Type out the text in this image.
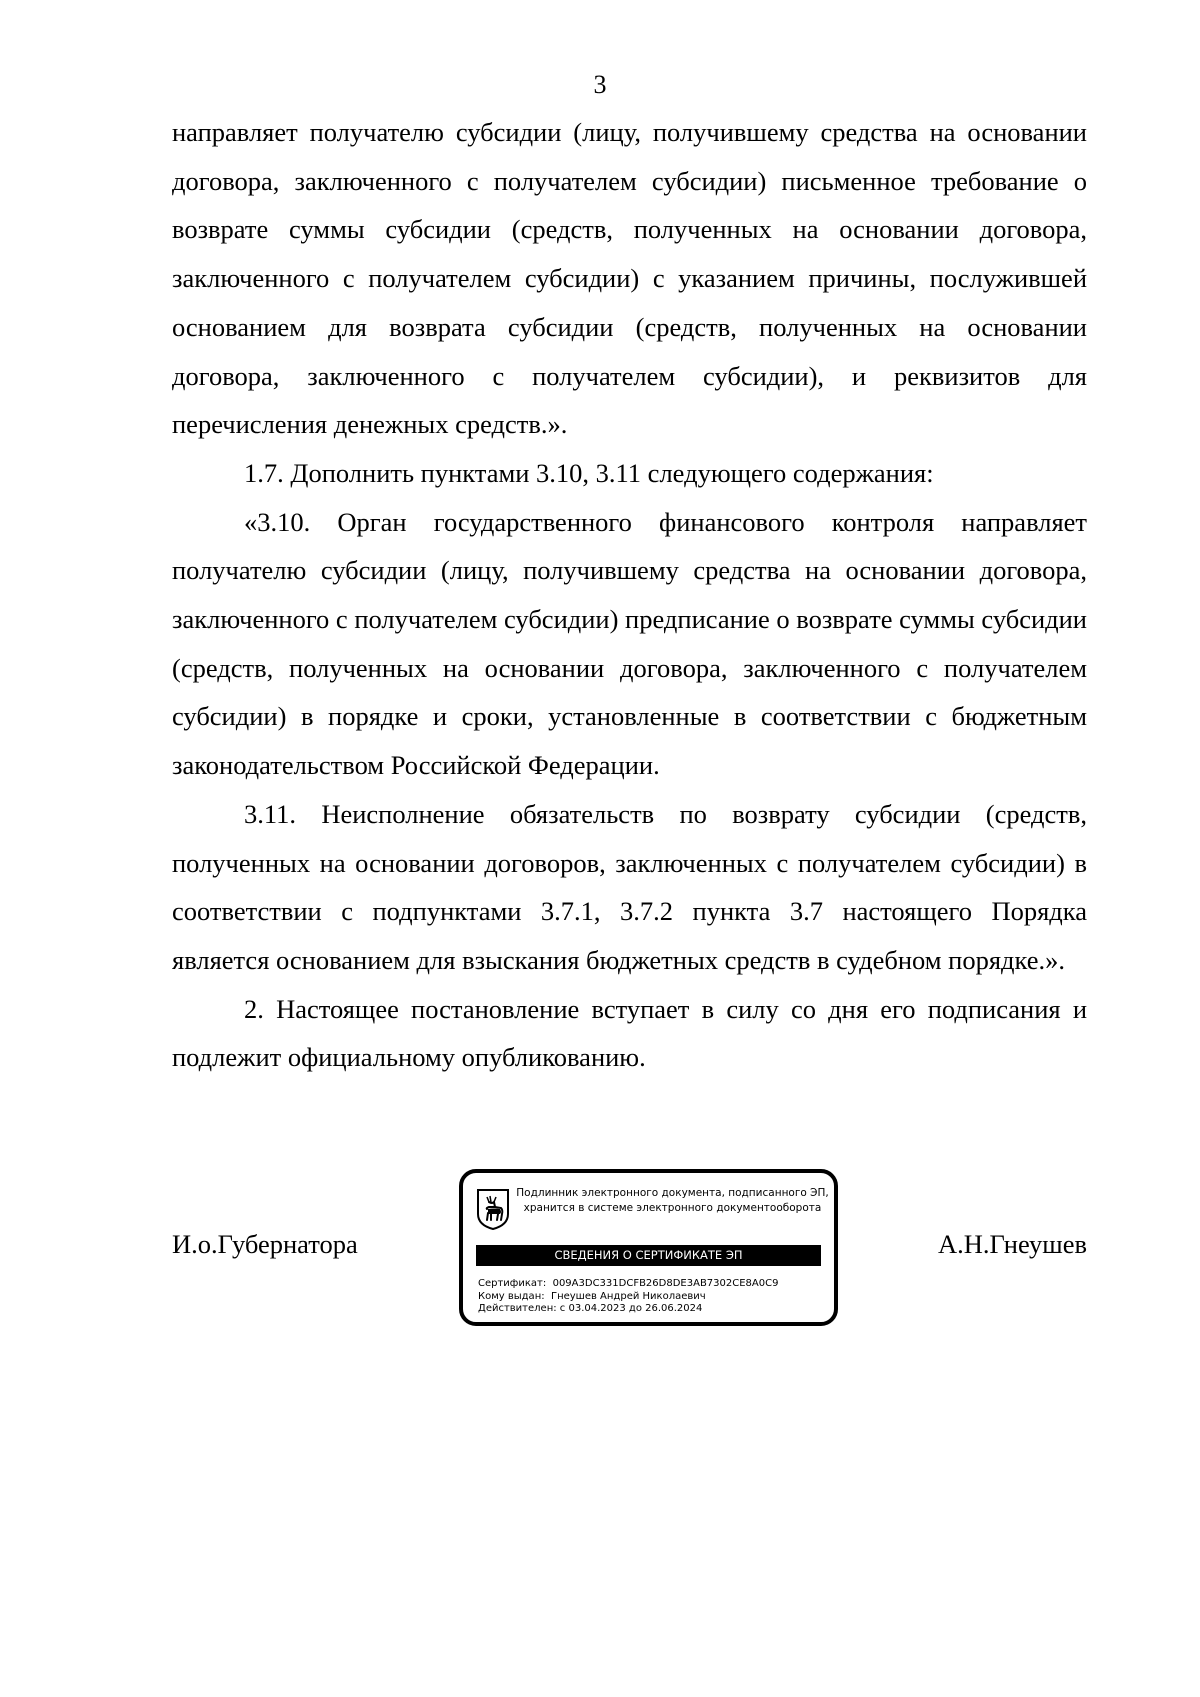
3

направляет получателю субсидии (лицу, получившему средства на основании договора, заключенного с получателем субсидии) письменное требование о возврате суммы субсидии (средств, полученных на основании договора, заключенного с получателем субсидии) с указанием причины, послужившей основанием для возврата субсидии (средств, полученных на основании договора, заключенного с получателем субсидии), и реквизитов для перечисления денежных средств.».

1.7. Дополнить пунктами 3.10, 3.11 следующего содержания:

«3.10. Орган государственного финансового контроля направляет получателю субсидии (лицу, получившему средства на основании договора, заключенного с получателем субсидии) предписание о возврате суммы субсидии (средств, полученных на основании договора, заключенного с получателем субсидии) в порядке и сроки, установленные в соответствии с бюджетным законодательством Российской Федерации.

3.11. Неисполнение обязательств по возврату субсидии (средств, полученных на основании договоров, заключенных с получателем субсидии) в соответствии с подпунктами 3.7.1, 3.7.2 пункта 3.7 настоящего Порядка является основанием для взыскания бюджетных средств в судебном порядке.».

2. Настоящее постановление вступает в силу со дня его подписания и подлежит официальному опубликованию.

И.о.Губернатора	А.Н.Гнеушев
Подлинник электронного документа, подписанного ЭП,
хранится в системе электронного документооборота
СВЕДЕНИЯ О СЕРТИФИКАТЕ ЭП
Сертификат: 009A3DC331DCFB26D8DE3AB7302CE8A0C9
Кому выдан: Гнеушев Андрей Николаевич
Действителен: с 03.04.2023 до 26.06.2024
